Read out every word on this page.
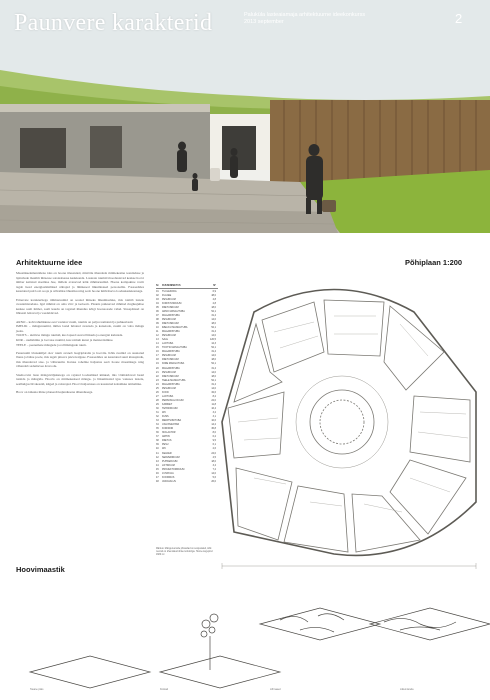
Paunvere karakterid	Paluküla lasteaiamaja arhitektuurne ideekonkurss
2013 september	2
Arhitektuurne idee	Põhiplaan 1:200

Maastikuelementidena ides on hoone ülesanded, mistõttu ühendada mitmekesine teeninduse ja õpitubade maailm ühtsesse sotsiaalsesse keskkonda. Lasteaia ruumid moodustavad keskse hoovi ümber kaitstud sisemise õue, millele avanevad kõik rühmaruumid. Hoone kompaktne vorm tagab head energiasäästlikud näitajad ja lühikesed liikumisteed personalile. Fassaadides kasutatud puit loob sooja ja sõbraliku õhustiku ning seob hoone ümbritseva looduskeskkonnaga.

Erinevate karakteritega rühmaruumid on seotud ühiseks liikumisalaks, mis toimib lastele avastamisradana. Igal rühmal on oma värv ja iseloom. Plaanis paiknevad rühmad ringikujulise keskse saali ümber, saali kaudu on tagatud ühendus kõigi hooneosade vahel. Sissepääsud on lihtsasti leitavad ja vaadeldavad.

ARNO – kohl rahulikkuse eest vastutav ruum, ruumis on palju raamatuid ja puhkealasid.
IMELIK – mänguruumid, milles lastel lubatud avastada ja katsetada, ruumi on vaba mängu jaoks.
TOOTS – aktiivse mängu ruumid, kus lapsed saavad liikuda ja energiat kulutada.
KIIR – uudishimu ja loovuse ruumid, kus toimub kunst ja meisterdamine.
TEELE – peenemate mängude ja rollimängude ruum.

Pesuruumi lõunaküljel olev ruum avaneb laagriplatsile ja hoovile. Kõik ruumid on suunatud lõuna ja lääne poole, mis tagab piisava päevavalguse. Fassaadides on kasutatud suuri klaaspindu, mis ühendavad sise- ja välisruumi. Katuse roheline haljastus seob hoone maastikuga ning vähendab sademevee äravoolu.

Sisehoovist laste mänguväljakutega on rajatud looduslikud künkad, mis võimaldavad lastel turnida ja mängida. Hoovis on mitmekesised mängu- ja liikumisalad igas vanuses lastele, sealhulgas liivakastid, kiiged ja rattarajad. Hoovi haljastuses on kasutatud kohalikke taimeliike.

Hoov on isikuna ühise planeedi kujundusena tähendusega.

Nr	RUUMINIMETUS	M²
01	TUULEKODA	6,9
02	FUAJEE	48,0
03	PESURUUM	4,8
04	KORISTUSRUUM	2,8
05	RIIETUSRUUM	18,0
06	ARNO MÄNGUTUBA	52,1
07	MAGAMISTUBA	31,4
08	PESURUUM	14,0
09	RIIETUSRUUM	18,0
10	IMELIKU MÄNGUTUBA	52,1
11	MAGAMISTUBA	31,4
12	PESURUUM	14,0
13	SAAL	120,5
14	LAOTUBA	12,3
15	TOOTSI MÄNGUTUBA	52,1
16	MAGAMISTUBA	31,4
17	PESURUUM	14,0
18	RIIETUSRUUM	18,0
19	KIIRE MÄNGUTUBA	52,1
20	MAGAMISTUBA	31,4
21	PESURUUM	14,0
22	RIIETUSRUUM	18,0
23	TEELE MÄNGUTUBA	52,1
24	MAGAMISTUBA	31,4
25	PESURUUM	14,0
26	KÖÖK	32,6
27	LAOTUBA	8,2
28	PERSONALI RUUM	22,0
29	KABINET	11,8
30	TEHNORUUM	16,4
31	WC	3,2
32	DUŠŠ	3,1
33	MEDITSIINITUBA	10,6
34	VÄLIINVENTAR	14,2
35	KORIDOR	36,8
36	ISOLAATOR	8,0
37	ARHIIV	6,2
38	RIIETUS	9,5
39	PESU	6,1
40	WC	2,6
41	KELDER	24,0
42	SERVERIRUUM	4,5
43	PUHKERUUM	18,0
44	LIFTIRUUM	3,4
45	PROJEKTORIRUUM	7,2
46	JUHATAJA	14,0
47	KOORMUS	5,6
48	VARJUALUS	26,0
Märkus: Mänguruumide põrandad on soojustatud, kõik ruumid on ühendatud ühise koridoriga. Hoone kogupind 1680 m².
Hoovimaastik
Tasane plats	Künkad	Lõhnaaed	Liikumisrada
